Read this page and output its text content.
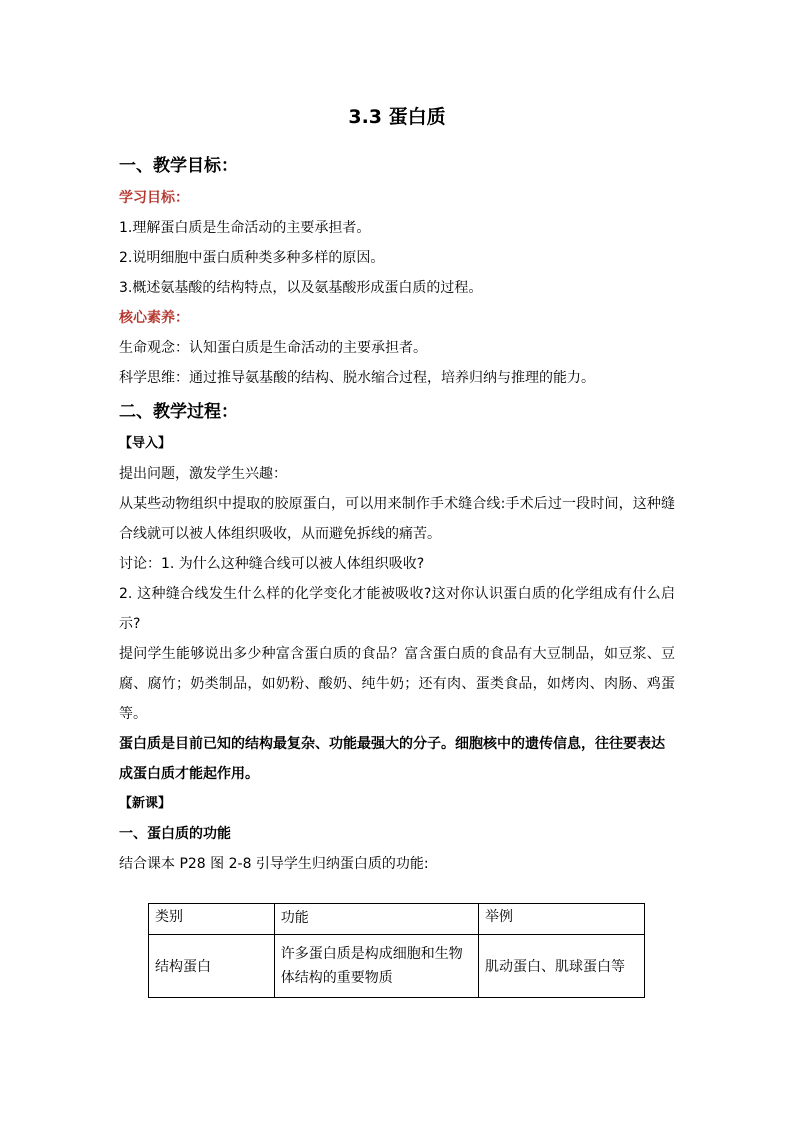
3.3 蛋白质
一、教学目标：
学习目标：
1.理解蛋白质是生命活动的主要承担者。
2.说明细胞中蛋白质种类多种多样的原因。
3.概述氨基酸的结构特点，以及氨基酸形成蛋白质的过程。
核心素养：
生命观念：认知蛋白质是生命活动的主要承担者。
科学思维：通过推导氨基酸的结构、脱水缩合过程，培养归纳与推理的能力。
二、教学过程：
【导入】
提出问题，激发学生兴趣：
从某些动物组织中提取的胶原蛋白，可以用来制作手术缝合线:手术后过一段时间，这种缝合线就可以被人体组织吸收，从而避免拆线的痛苦。
讨论：1. 为什么这种缝合线可以被人体组织吸收?
2. 这种缝合线发生什么样的化学变化才能被吸收?这对你认识蛋白质的化学组成有什么启示?
提问学生能够说出多少种富含蛋白质的食品？富含蛋白质的食品有大豆制品，如豆浆、豆腐、腐竹；奶类制品，如奶粉、酸奶、纯牛奶；还有肉、蛋类食品，如烤肉、肉肠、鸡蛋等。
蛋白质是目前已知的结构最复杂、功能最强大的分子。细胞核中的遗传信息，往往要表达成蛋白质才能起作用。
【新课】
一、蛋白质的功能
结合课本 P28 图 2-8 引导学生归纳蛋白质的功能:
类别	功能	举例
结构蛋白	许多蛋白质是构成细胞和生物体结构的重要物质	肌动蛋白、肌球蛋白等
